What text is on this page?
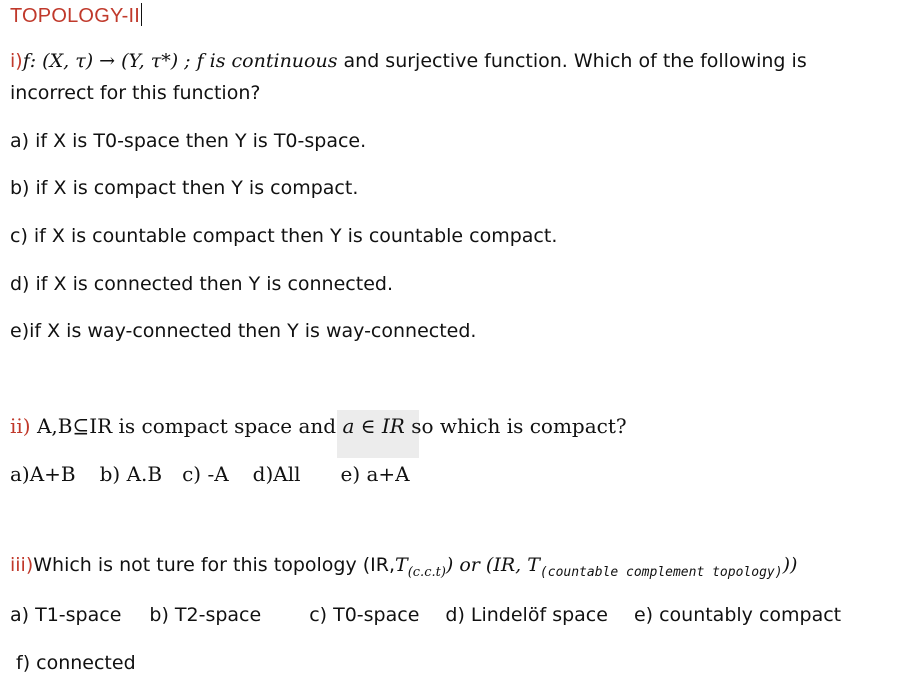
TOPOLOGY-II
i)f: (X, τ) → (Y, τ*) ; f is continuous and surjective function. Which of the following is
incorrect for this function?
a) if X is T0-space then Y is T0-space.
b) if X is compact then Y is compact.
c) if X is countable compact then Y is countable compact.
d) if X is connected then Y is connected.
e)if X is way-connected then Y is way-connected.
ii) A,B⊆IR is compact space and a ∈ IR so which is compact?
a)A+B b) A.B c) -A d)All e) a+A
iii)Which is not ture for this topology $(IR,T_{(c.c.t)})$ or (IR, $T_{(countable complement topology)}$))
a) T1-space b) T2-space	c) T0-space d) Lindelöf space e) countably compact
f) connected
